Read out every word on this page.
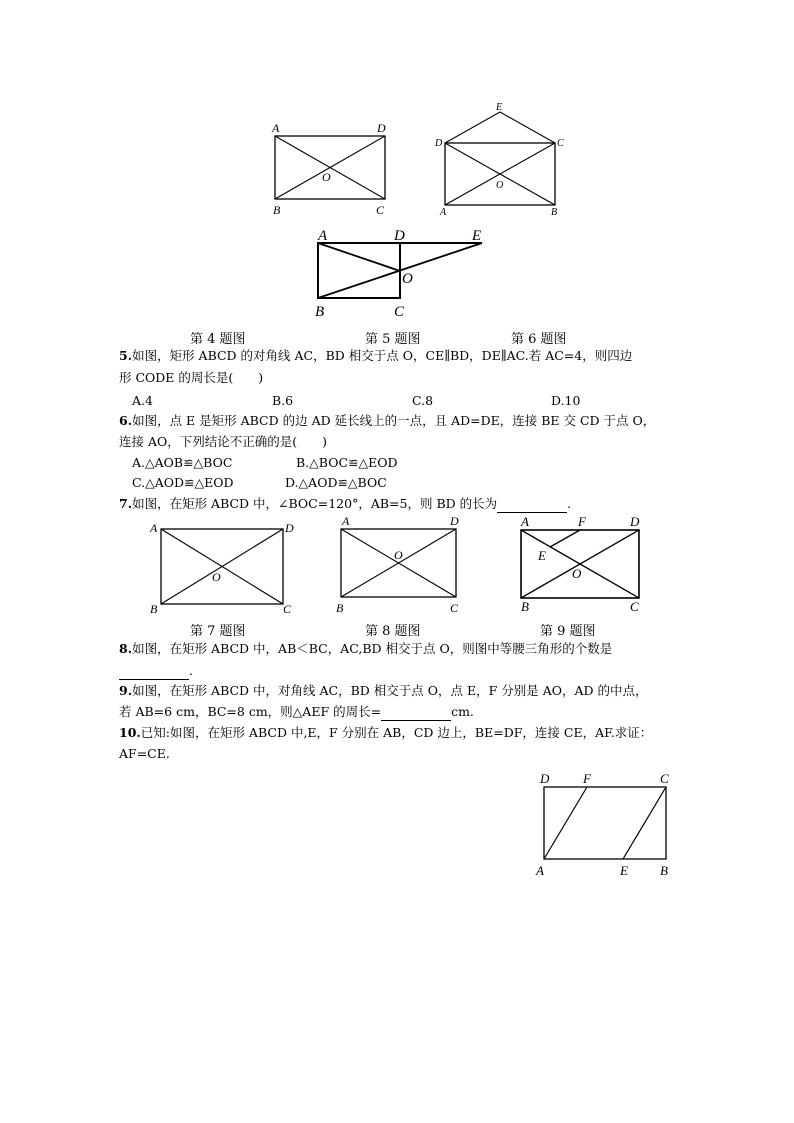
A	D
B	C
O
E
D	C
A	B
O
A	D	E
O
B	C
第 4 题图	第 5 题图	第 6 题图
5.如图，矩形 ABCD 的对角线 AC，BD 相交于点 O，CE∥BD，DE∥AC.若 AC=4，则四边
形 CODE 的周长是(　　)
A.4	B.6	C.8	D.10
6.如图，点 E 是矩形 ABCD 的边 AD 延长线上的一点，且 AD=DE，连接 BE 交 CD 于点 O，
连接 AO，下列结论不正确的是(　　)
A.△AOB≌△BOC	B.△BOC≌△EOD
C.△AOD≌△EOD	D.△AOD≌△BOC
7.如图，在矩形 ABCD 中，∠BOC=120°，AB=5，则 BD 的长为	.
A	D
B	C
O
A	D
B	C
O
A	F	D
E
O
B	C
第 7 题图	第 8 题图	第 9 题图
8.如图，在矩形 ABCD 中，AB＜BC，AC,BD 相交于点 O，则图中等腰三角形的个数是
.
9.如图，在矩形 ABCD 中，对角线 AC，BD 相交于点 O，点 E，F 分别是 AO，AD 的中点，
若 AB=6 cm，BC=8 cm，则△AEF 的周长=	cm.
10.已知:如图，在矩形 ABCD 中,E，F 分别在 AB，CD 边上，BE=DF，连接 CE，AF.求证：
AF=CE.
D	F	C
A	E B
